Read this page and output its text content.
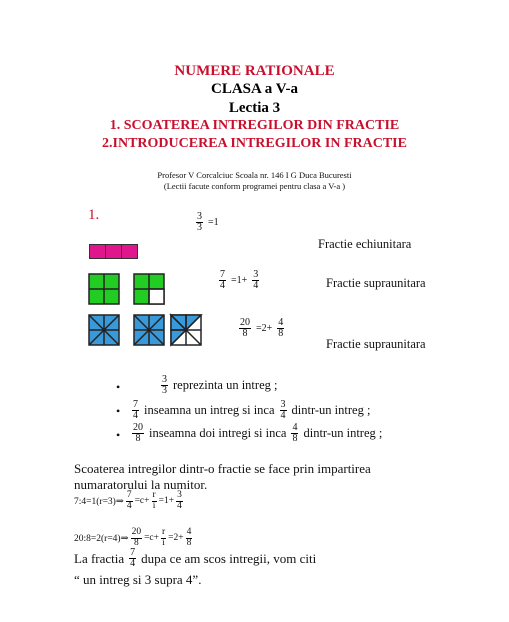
NUMERE RATIONALE
CLASA a V-a
Lectia 3
1. SCOATEREA INTREGILOR DIN FRACTIE
2.INTRODUCEREA INTREGILOR IN FRACTIE
Profesor V Corcalciuc Scoala nr. 146 I G Duca Bucuresti
(Lectii facute conform programei pentru clasa a V-a )
1.	$\frac{3}{3} =1$
Fractie echiunitara
$\frac{7}{4} =1+ \frac{3}{4}$	Fractie supraunitara
$\frac{20}{8} =2+ \frac{4}{8}$
Fractie supraunitara
•	$\frac{3}{3}$ reprezinta un intreg ;
• $\frac{7}{4}$ inseamna un intreg si inca $\frac{3}{4}$ dintr-un intreg ;
• $\frac{20}{8}$ inseamna doi intregi si inca $\frac{4}{8}$ dintr-un intreg ;
Scoaterea intregilor dintr-o fractie se face prin impartirea
numaratorului la numitor.
7:4=1(r=3)⇒ $\frac{7}{4} =c+ \frac{r}{i} =1+ \frac{3}{4}$
20:8=2(r=4)⇒ $\frac{20}{8} =c+ \frac{r}{i} =2+ \frac{4}{8}$
La fractia $\frac{7}{4}$ dupa ce am scos intregii, vom citi
“ un intreg si 3 supra 4”.
